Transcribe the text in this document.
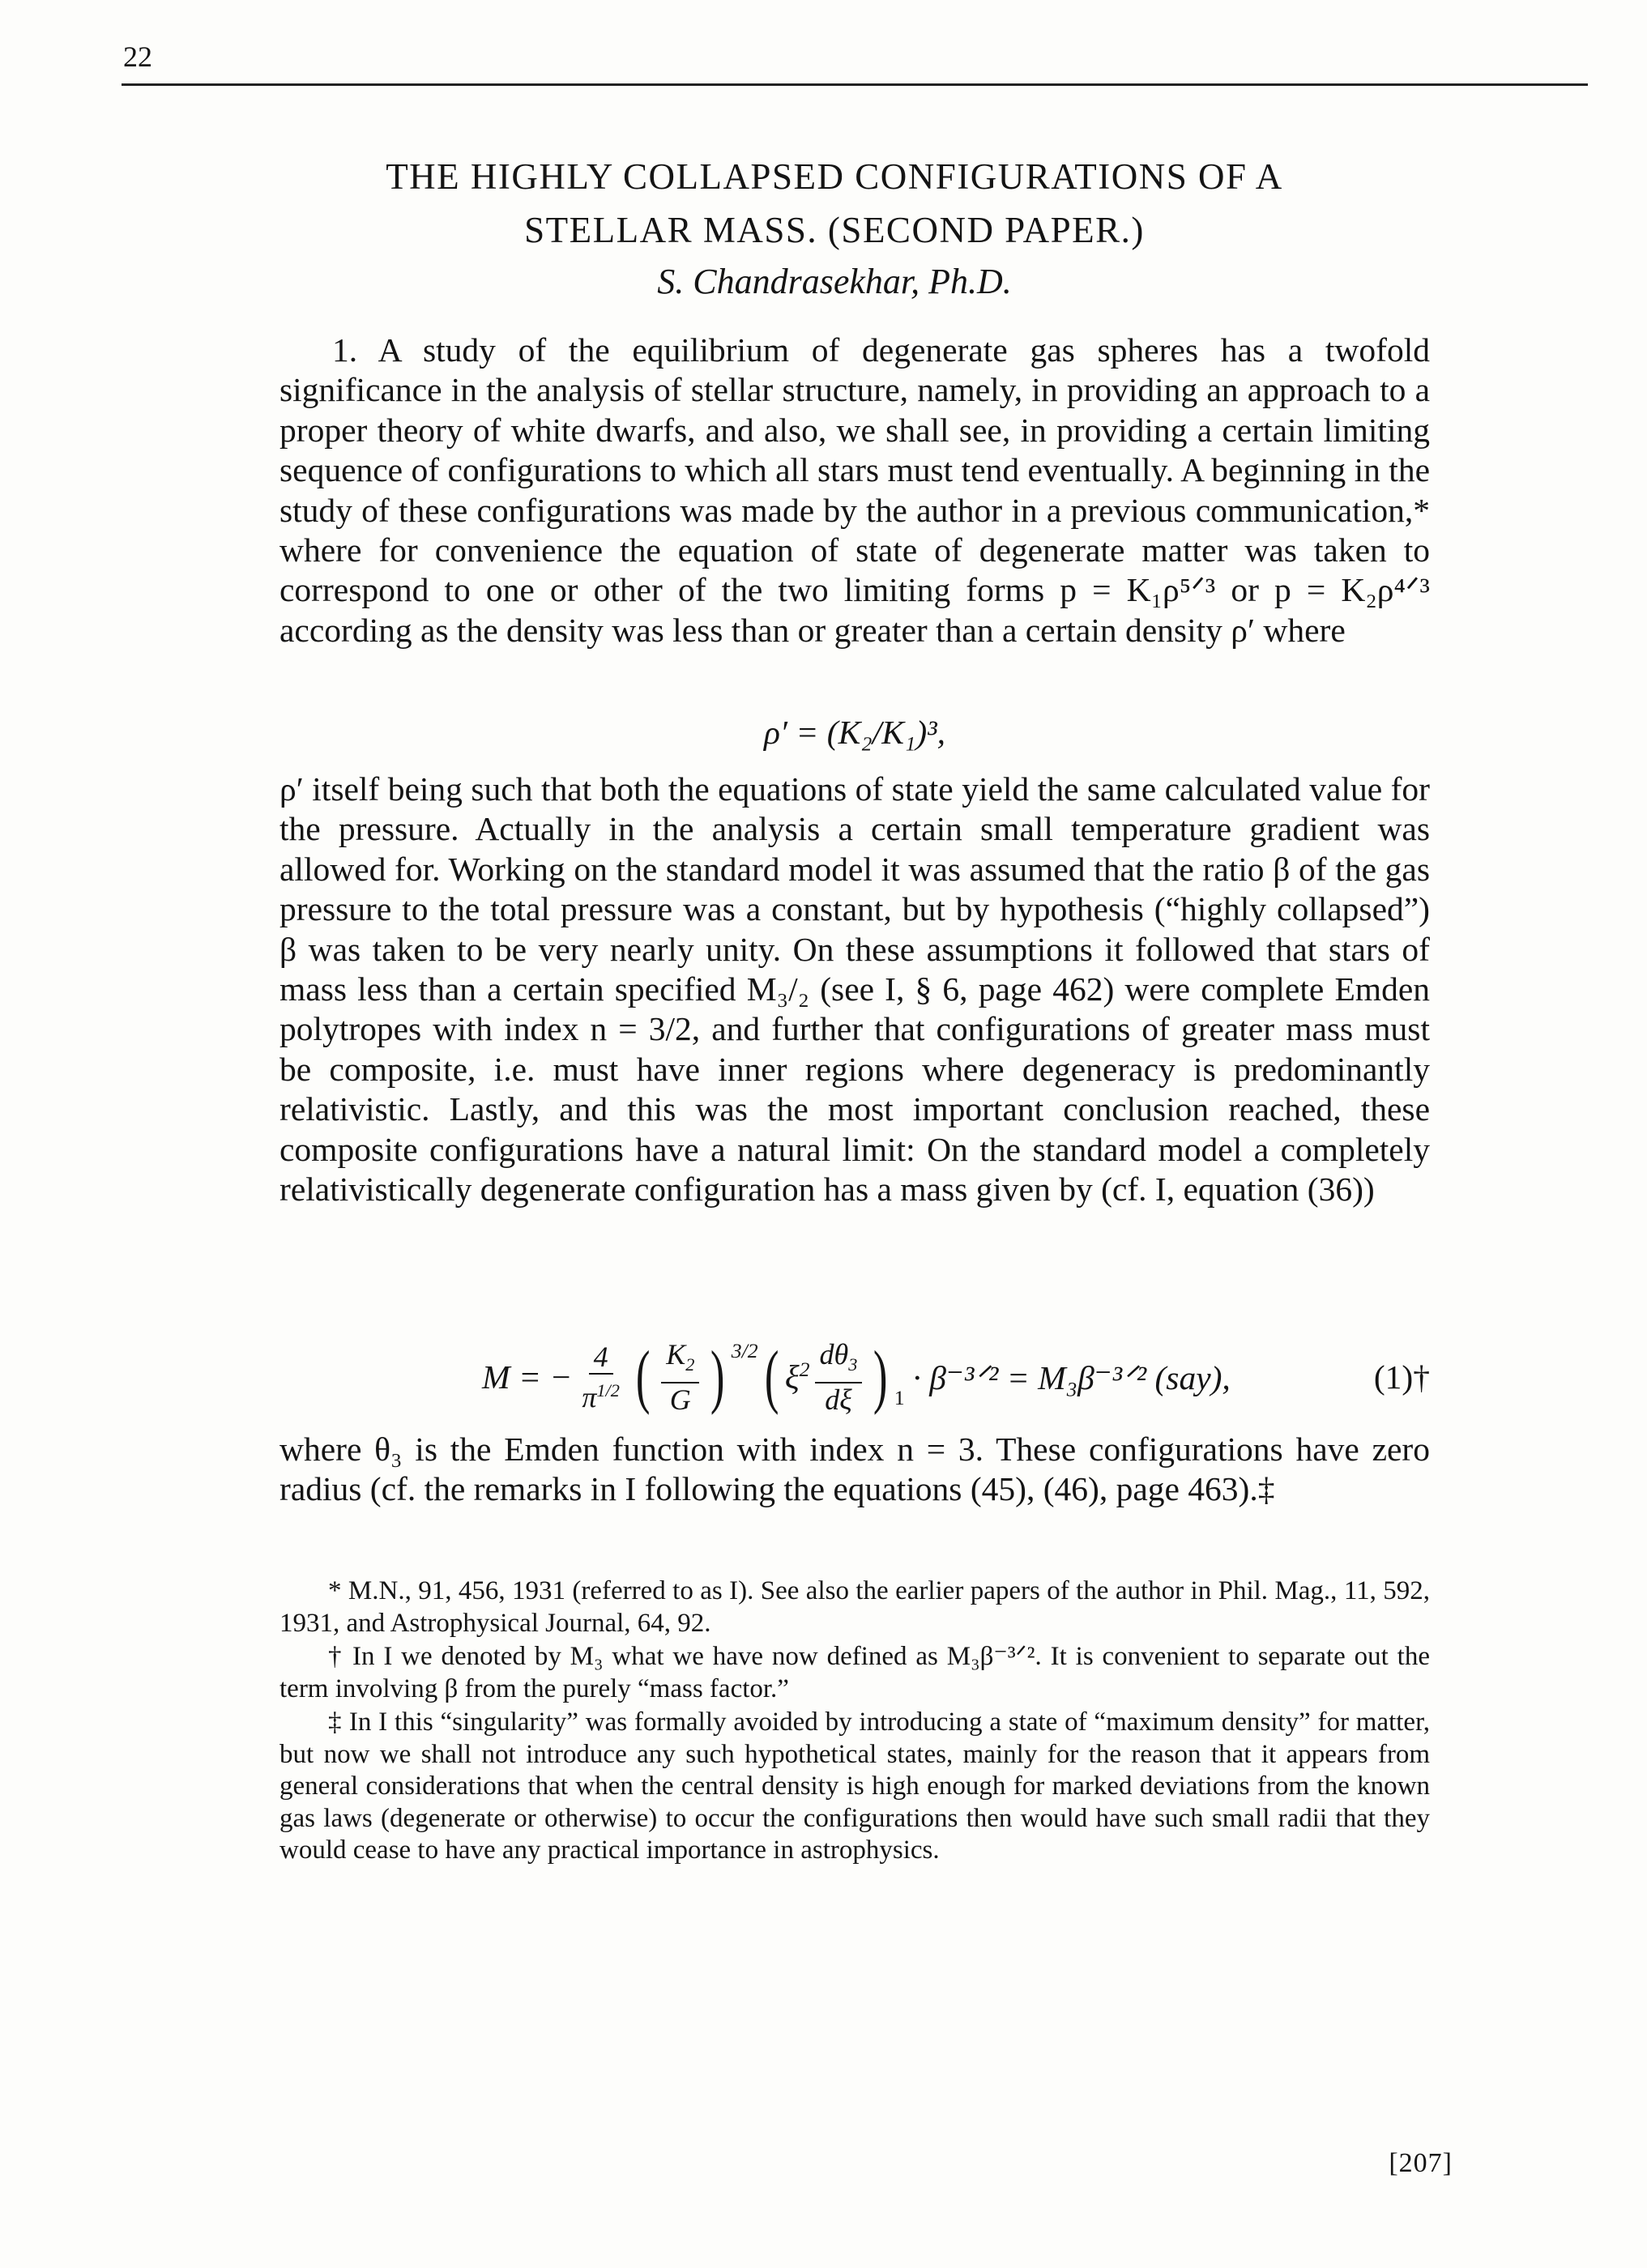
22
THE HIGHLY COLLAPSED CONFIGURATIONS OF A
STELLAR MASS. (SECOND PAPER.)
S. Chandrasekhar, Ph.D.
1. A study of the equilibrium of degenerate gas spheres has a twofold significance in the analysis of stellar structure, namely, in providing an approach to a proper theory of white dwarfs, and also, we shall see, in providing a certain limiting sequence of configurations to which all stars must tend eventually. A beginning in the study of these configurations was made by the author in a previous communication,* where for convenience the equation of state of degenerate matter was taken to correspond to one or other of the two limiting forms p = K₁ρ⁵ᐟ³ or p = K₂ρ⁴ᐟ³ according as the density was less than or greater than a certain density ρ′ where
ρ′ = (K₂/K₁)³,
ρ′ itself being such that both the equations of state yield the same calculated value for the pressure. Actually in the analysis a certain small temperature gradient was allowed for. Working on the standard model it was assumed that the ratio β of the gas pressure to the total pressure was a constant, but by hypothesis (“highly collapsed”) β was taken to be very nearly unity. On these assumptions it followed that stars of mass less than a certain specified M₃/₂ (see I, § 6, page 462) were complete Emden polytropes with index n = 3/2, and further that configurations of greater mass must be composite, i.e. must have inner regions where degeneracy is predominantly relativistic. Lastly, and this was the most important conclusion reached, these composite configurations have a natural limit: On the standard model a completely relativistically degenerate configuration has a mass given by (cf. I, equation (36))
M = − $\frac{4}{\pi^{1/2}}$ ( $\frac{K_2}{G}$ ) $^{3/2}$ ( $\xi^2 \frac{d\theta_3}{d\xi}$ ) $_1$
· β⁻³ᐟ² = M₃β⁻³ᐟ² (say),	(1)†
where θ₃ is the Emden function with index n = 3. These configurations have zero radius (cf. the remarks in I following the equations (45), (46), page 463).‡

* M.N., 91, 456, 1931 (referred to as I). See also the earlier papers of the author in Phil. Mag., 11, 592, 1931, and Astrophysical Journal, 64, 92.

† In I we denoted by M₃ what we have now defined as M₃β⁻³ᐟ². It is convenient to separate out the term involving β from the purely “mass factor.”

‡ In I this “singularity” was formally avoided by introducing a state of “maximum density” for matter, but now we shall not introduce any such hypothetical states, mainly for the reason that it appears from general considerations that when the central density is high enough for marked deviations from the known gas laws (degenerate or otherwise) to occur the configurations then would have such small radii that they would cease to have any practical importance in astrophysics.

[207]
